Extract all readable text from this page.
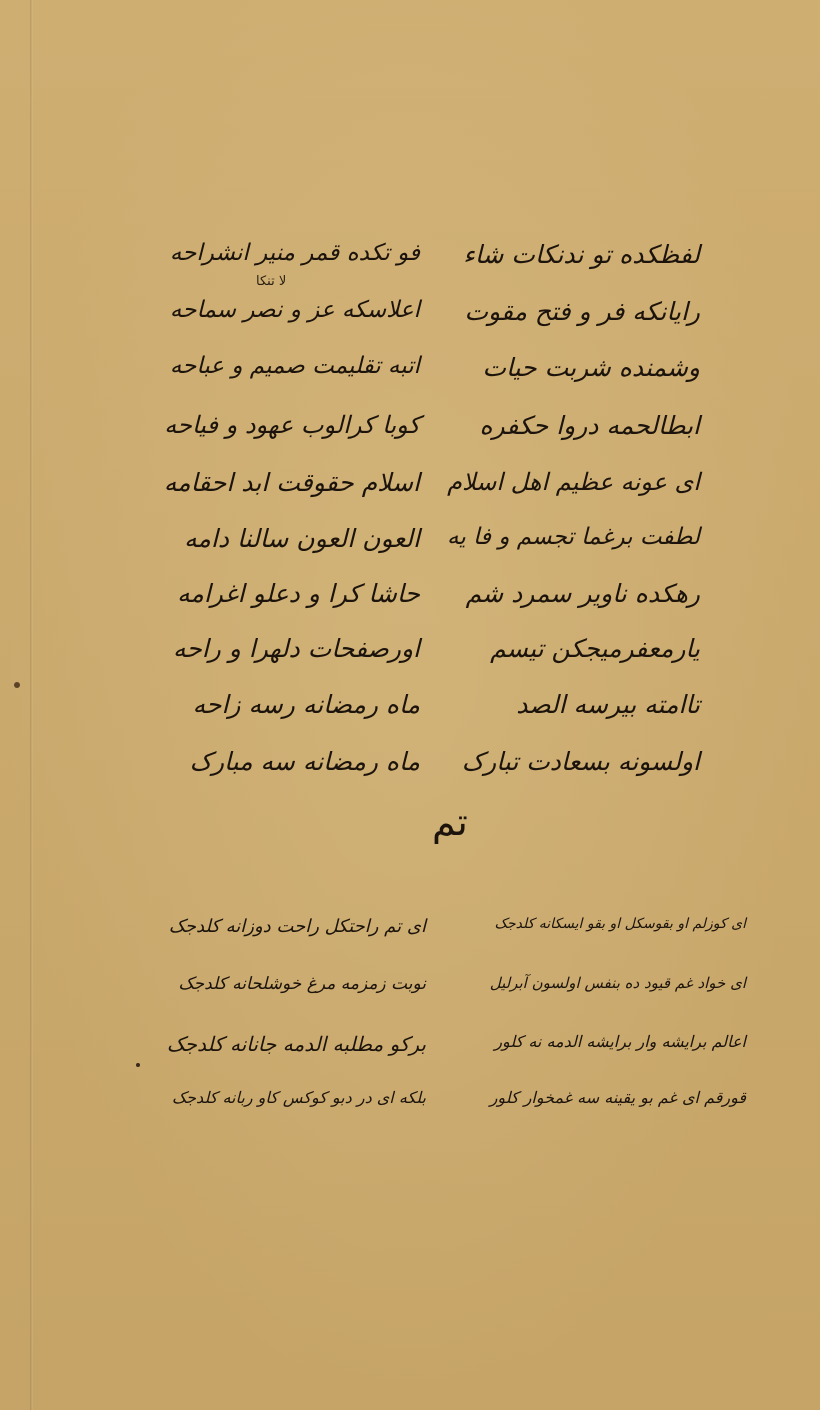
لفظکده تو ندنکات شاء
فو تکده قمر منیر انشراحه
لا تنکا
رایانکه فر و فتح مقوت
اعلاسکه عز و نصر سماحه
وشمنده شربت حیات
اتبه تقلیمت صمیم و عباحه
ابطالحمه دروا حکفره
کوبا کرالوب عهود و فیاحه
ای عونه عظیم اهل اسلام
اسلام حقوقت ابد احقامه
لطفت برغما تجسم و فا یه
العون العون سالنا دامه
رهکده ناویر سمرد شم
حاشا کرا و دعلو اغرامه
یارمعفرمیجکن تیسم
اورصفحات دلهرا و راحه
تاامته بیرسه الصد
ماه رمضانه رسه زاحه
اولسونه بسعادت تبارک
ماه رمضانه سه مبارک
تم
ای کوزلم او بقوسکل او بقو ایسکانه کلدجک
ای تم راحتکل راحت دوزانه کلدجک
ای خواد غم قیود ده بنفس اولسون آبرلیل
نوبت زمزمه مرغ خوشلحانه کلدجک
اعالم برایشه وار برایشه الدمه نه کلور
برکو مطلبه الدمه جانانه کلدجک
قورقم ای غم بو یقینه سه غمخوار کلور
بلکه ای در دبو کوکس کاو ربانه کلدجک
